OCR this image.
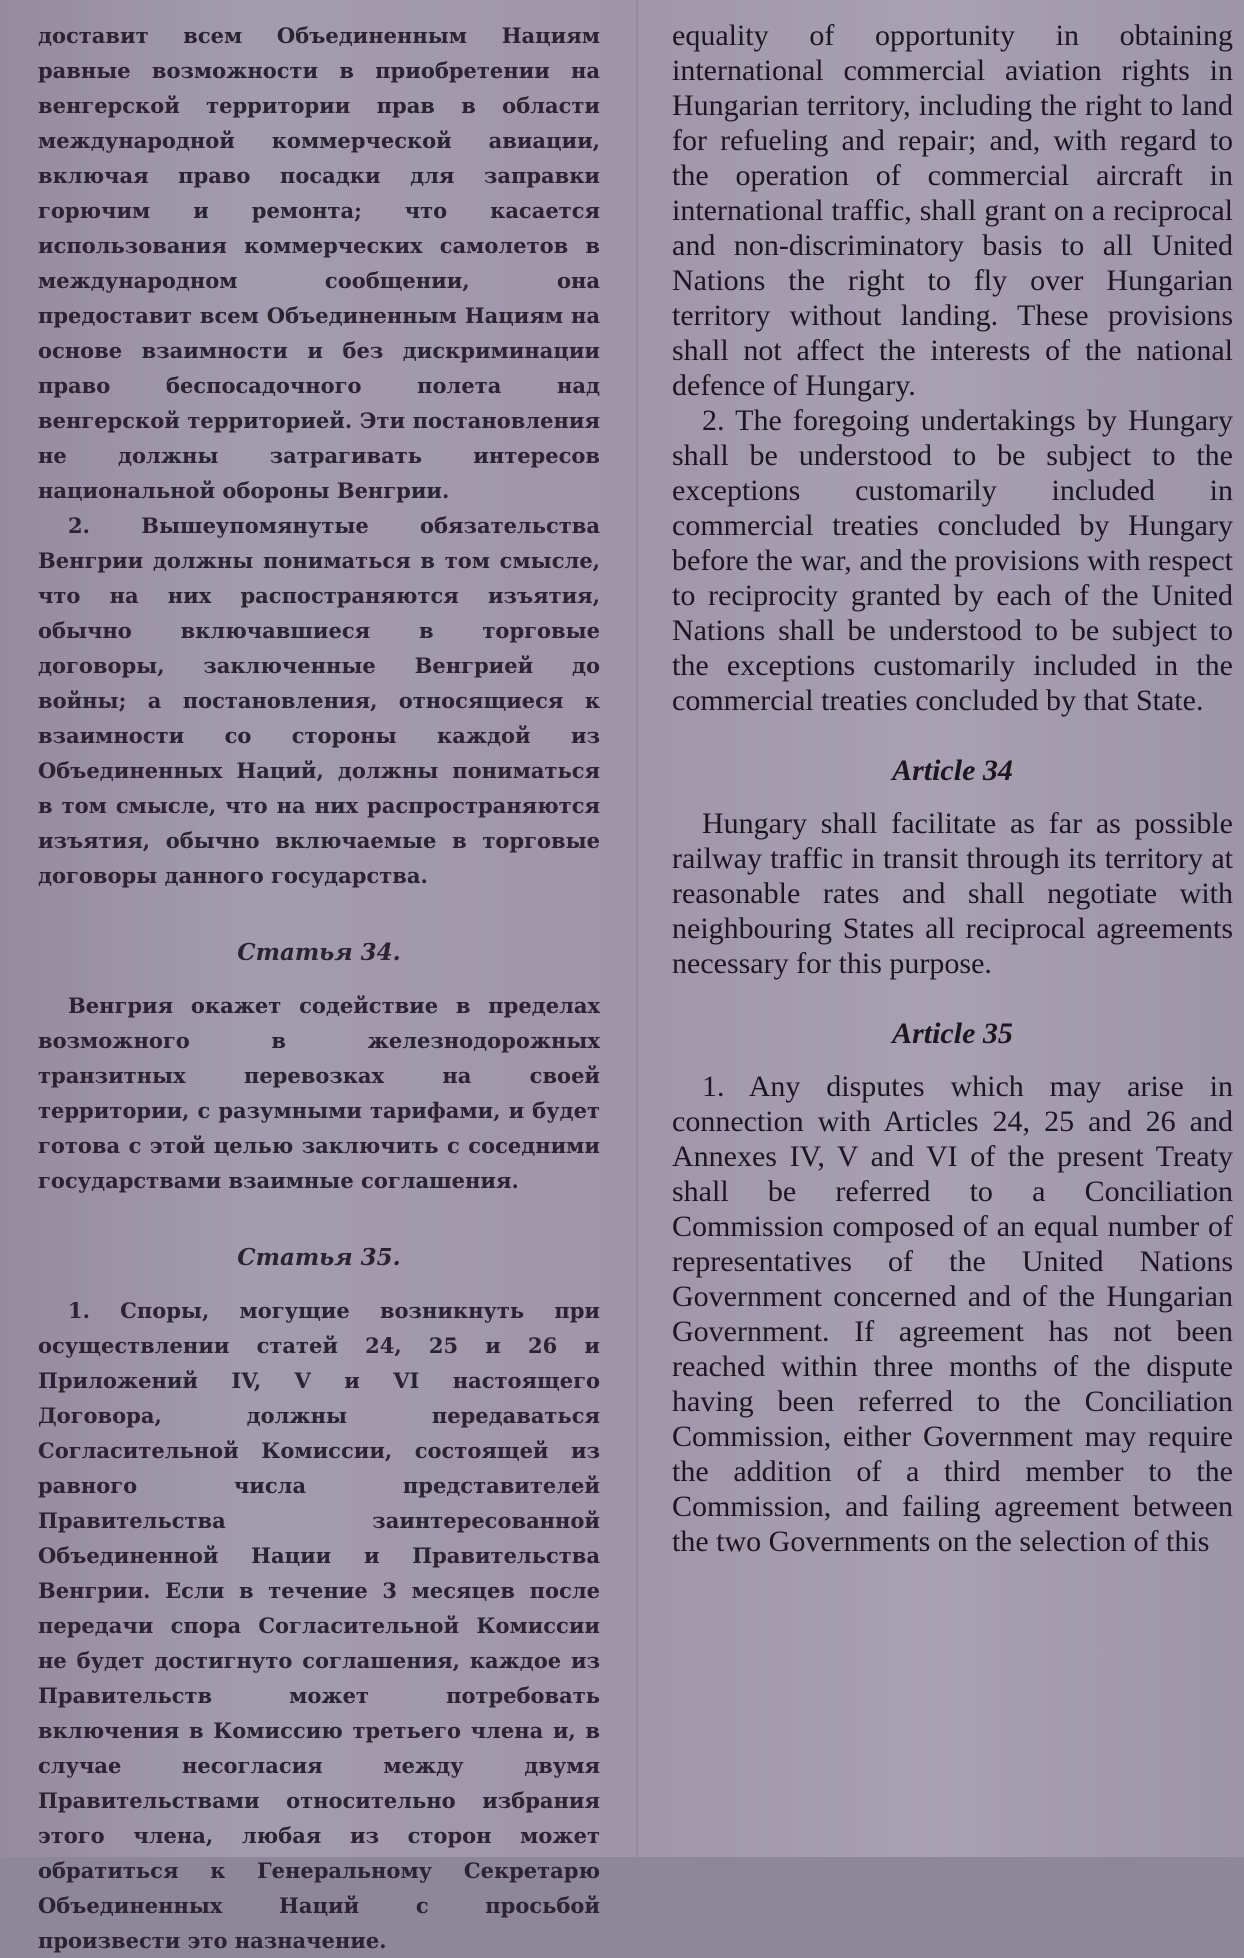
доставит всем Объединенным Нациям равные возможности в приобретении на венгерской территории прав в области международной коммерческой авиации, включая право посадки для заправки горючим и ремонта; что касается использования коммерческих самолетов в международном сообщении, она предоставит всем Объединенным Нациям на основе взаимности и без дискриминации право беспосадочного полета над венгерской территорией. Эти постановления не должны затрагивать интересов национальной обороны Венгрии.

2. Вышеупомянутые обязательства Венгрии должны пониматься в том смысле, что на них распостраняются изъятия, обычно включавшиеся в торговые договоры, заключенные Венгрией до войны; а постановления, относящиеся к взаимности со стороны каждой из Объединенных Наций, должны пониматься в том смысле, что на них распространяются изъятия, обычно включаемые в торговые договоры данного государства.

Статья 34.

Венгрия окажет содействие в пределах возможного в железнодорожных транзитных перевозках на своей территории, с разумными тарифами, и будет готова с этой целью заключить с соседними государствами взаимные соглашения.

Статья 35.

1. Споры, могущие возникнуть при осуществлении статей 24, 25 и 26 и Приложений IV, V и VI настоящего Договора, должны передаваться Согласительной Комиссии, состоящей из равного числа представителей Правительства заинтересованной Объединенной Нации и Правительства Венгрии. Если в течение 3 месяцев после передачи спора Согласительной Комиссии не будет достигнуто соглашения, каждое из Правительств может потребовать включения в Комиссию третьего члена и, в случае несогласия между двумя Правительствами относительно избрания этого члена, любая из сторон может обратиться к Генеральному Секретарю Объединенных Наций с просьбой произвести это назначение.

equality of opportunity in obtaining international commercial aviation rights in Hungarian territory, including the right to land for refueling and repair; and, with regard to the operation of commercial aircraft in international traffic, shall grant on a reciprocal and non-discriminatory basis to all United Nations the right to fly over Hungarian territory without landing. These provisions shall not affect the interests of the national defence of Hungary.

2. The foregoing undertakings by Hungary shall be understood to be subject to the exceptions customarily included in commercial treaties concluded by Hungary before the war, and the provisions with respect to reciprocity granted by each of the United Nations shall be understood to be subject to the exceptions customarily included in the commercial treaties concluded by that State.

Article 34

Hungary shall facilitate as far as possible railway traffic in transit through its territory at reasonable rates and shall negotiate with neighbouring States all reciprocal agreements necessary for this purpose.

Article 35

1. Any disputes which may arise in connection with Articles 24, 25 and 26 and Annexes IV, V and VI of the present Treaty shall be referred to a Conciliation Commission composed of an equal number of representatives of the United Nations Government concerned and of the Hungarian Government. If agreement has not been reached within three months of the dispute having been referred to the Conciliation Commission, either Government may require the addition of a third member to the Commission, and failing agreement between the two Governments on the selection of this
